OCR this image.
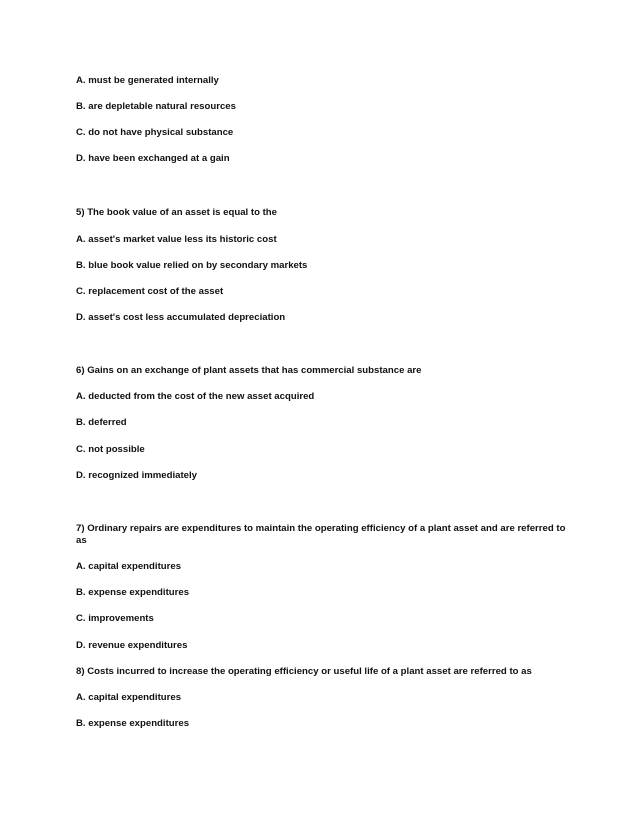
A. must be generated internally
B. are depletable natural resources
C. do not have physical substance
D. have been exchanged at a gain
5) The book value of an asset is equal to the
A. asset's market value less its historic cost
B. blue book value relied on by secondary markets
C. replacement cost of the asset
D. asset's cost less accumulated depreciation
6) Gains on an exchange of plant assets that has commercial substance are
A. deducted from the cost of the new asset acquired
B. deferred
C. not possible
D. recognized immediately
7) Ordinary repairs are expenditures to maintain the operating efficiency of a plant asset and are referred to as
A. capital expenditures
B. expense expenditures
C. improvements
D. revenue expenditures
8) Costs incurred to increase the operating efficiency or useful life of a plant asset are referred to as
A. capital expenditures
B. expense expenditures
